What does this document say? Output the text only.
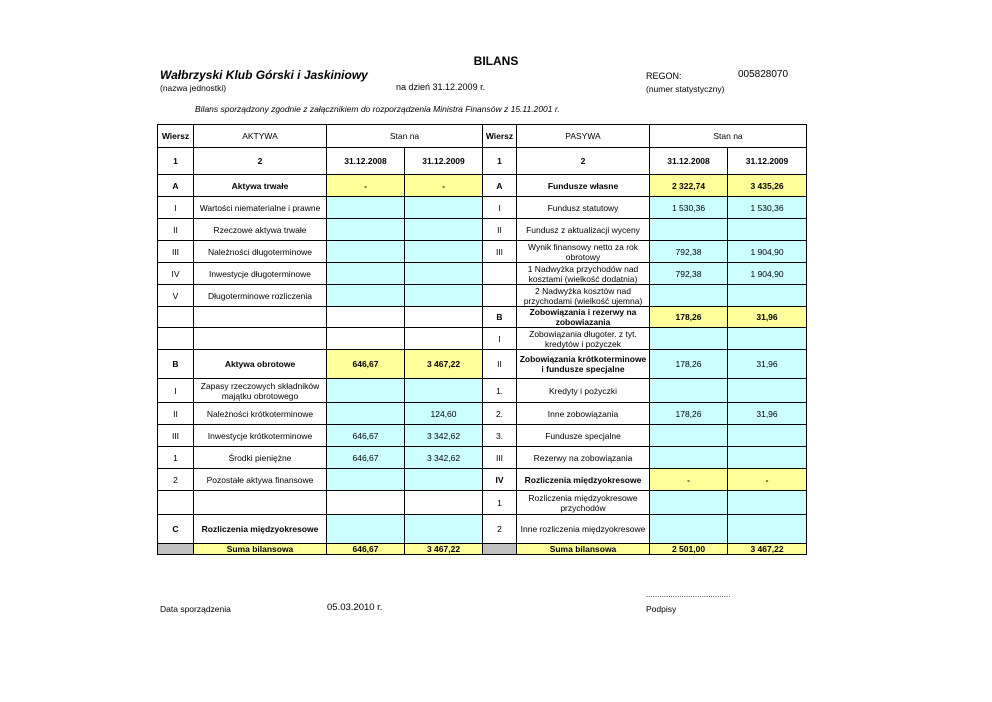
BILANS
Wałbrzyski Klub Górski i Jaskiniowy
(nazwa jednostki)	na dzień 31.12.2009 r.
REGON:	005828070
(numer statystyczny)
Bilans sporządzony zgodnie z załącznikiem do rozporządzenia Ministra Finansów z 15.11.2001 r.
Wiersz	AKTYWA	Stan na		Wiersz	PASYWA	Stan na	
1	2	31.12.2008	31.12.2009	1	2	31.12.2008	31.12.2009
A	Aktywa trwałe	-	-	A	Fundusze własne	2 322,74	3 435,26
I	Wartości niematerialne i prawne			I	Fundusz statutowy	1 530,36	1 530,36
II	Rzeczowe aktywa trwałe			II	Fundusz z aktualizacji wyceny		
III	Należności długoterminowe			III	Wynik finansowy netto za rok obrotowy	792,38	1 904,90
IV	Inwestycje długoterminowe				1 Nadwyżka przychodów nad kosztami (wielkość dodatnia)	792,38	1 904,90
V	Długoterminowe rozliczenia				2 Nadwyżka kosztów nad przychodami (wielkość ujemna)		
				B	Zobowiązania i rezerwy na zobowiazania	178,26	31,96
				I	Zobowiązania długoter. z tyt. kredytów i pożyczek		
B	Aktywa obrotowe	646,67	3 467,22	II	Zobowiązania krótkoterminowe i fundusze specjalne	178,26	31,96
I	Zapasy rzeczowych składników majątku obrotowego			1.	Kredyty i pożyczki		
II	Należności krótkoterminowe		124,60	2.	Inne zobowiązania	178,26	31,96
III	Inwestycje krótkoterminowe	646,67	3 342,62	3.	Fundusze specjalne		
1	Środki pieniężne	646,67	3 342,62	III	Rezerwy na zobowiązania		
2	Pozostałe aktywa finansowe			IV	Rozliczenia międzyokresowe	-	-
				1	Rozliczenia międzyokresowe przychodów		
C	Rozliczenia międzyokresowe			2	Inne rozliczenia międzyokresowe		
	Suma bilansowa	646,67	3 467,22		Suma bilansowa	2 501,00	3 467,22
Data sporządzenia	05.03.2010 r.
......................................
Podpisy
